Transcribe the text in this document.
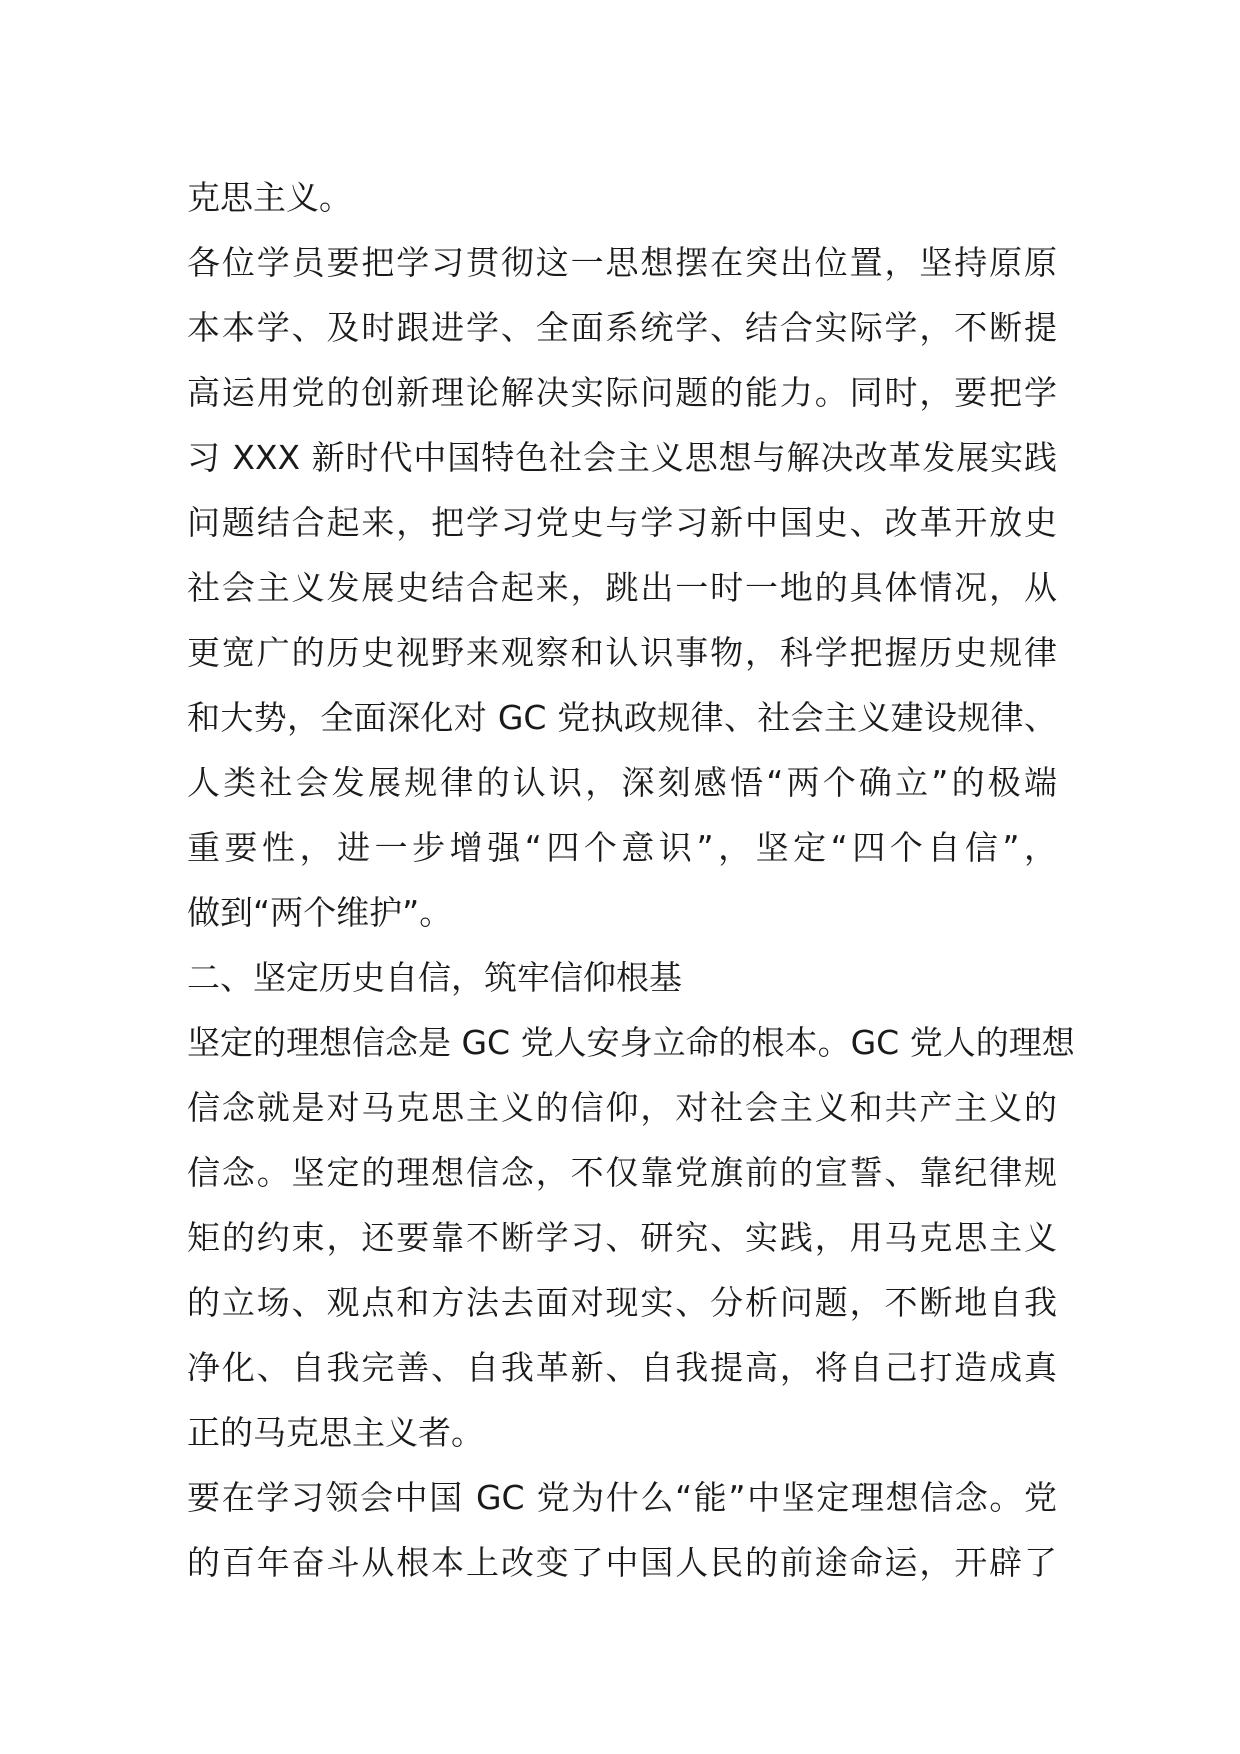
克思主义。
各位学员要把学习贯彻这一思想摆在突出位置，坚持原原
本本学、及时跟进学、全面系统学、结合实际学，不断提
高运用党的创新理论解决实际问题的能力。同时，要把学
习 XXX 新时代中国特色社会主义思想与解决改革发展实践
问题结合起来，把学习党史与学习新中国史、改革开放史
社会主义发展史结合起来，跳出一时一地的具体情况，从
更宽广的历史视野来观察和认识事物，科学把握历史规律
和大势，全面深化对 GC 党执政规律、社会主义建设规律、
人类社会发展规律的认识，深刻感悟“两个确立”的极端
重要性，进一步增强“四个意识”，坚定“四个自信”，
做到“两个维护”。
二、坚定历史自信，筑牢信仰根基
坚定的理想信念是 GC 党人安身立命的根本。GC 党人的理想
信念就是对马克思主义的信仰，对社会主义和共产主义的
信念。坚定的理想信念，不仅靠党旗前的宣誓、靠纪律规
矩的约束，还要靠不断学习、研究、实践，用马克思主义
的立场、观点和方法去面对现实、分析问题，不断地自我
净化、自我完善、自我革新、自我提高，将自己打造成真
正的马克思主义者。
要在学习领会中国 GC 党为什么“能”中坚定理想信念。党
的百年奋斗从根本上改变了中国人民的前途命运，开辟了
